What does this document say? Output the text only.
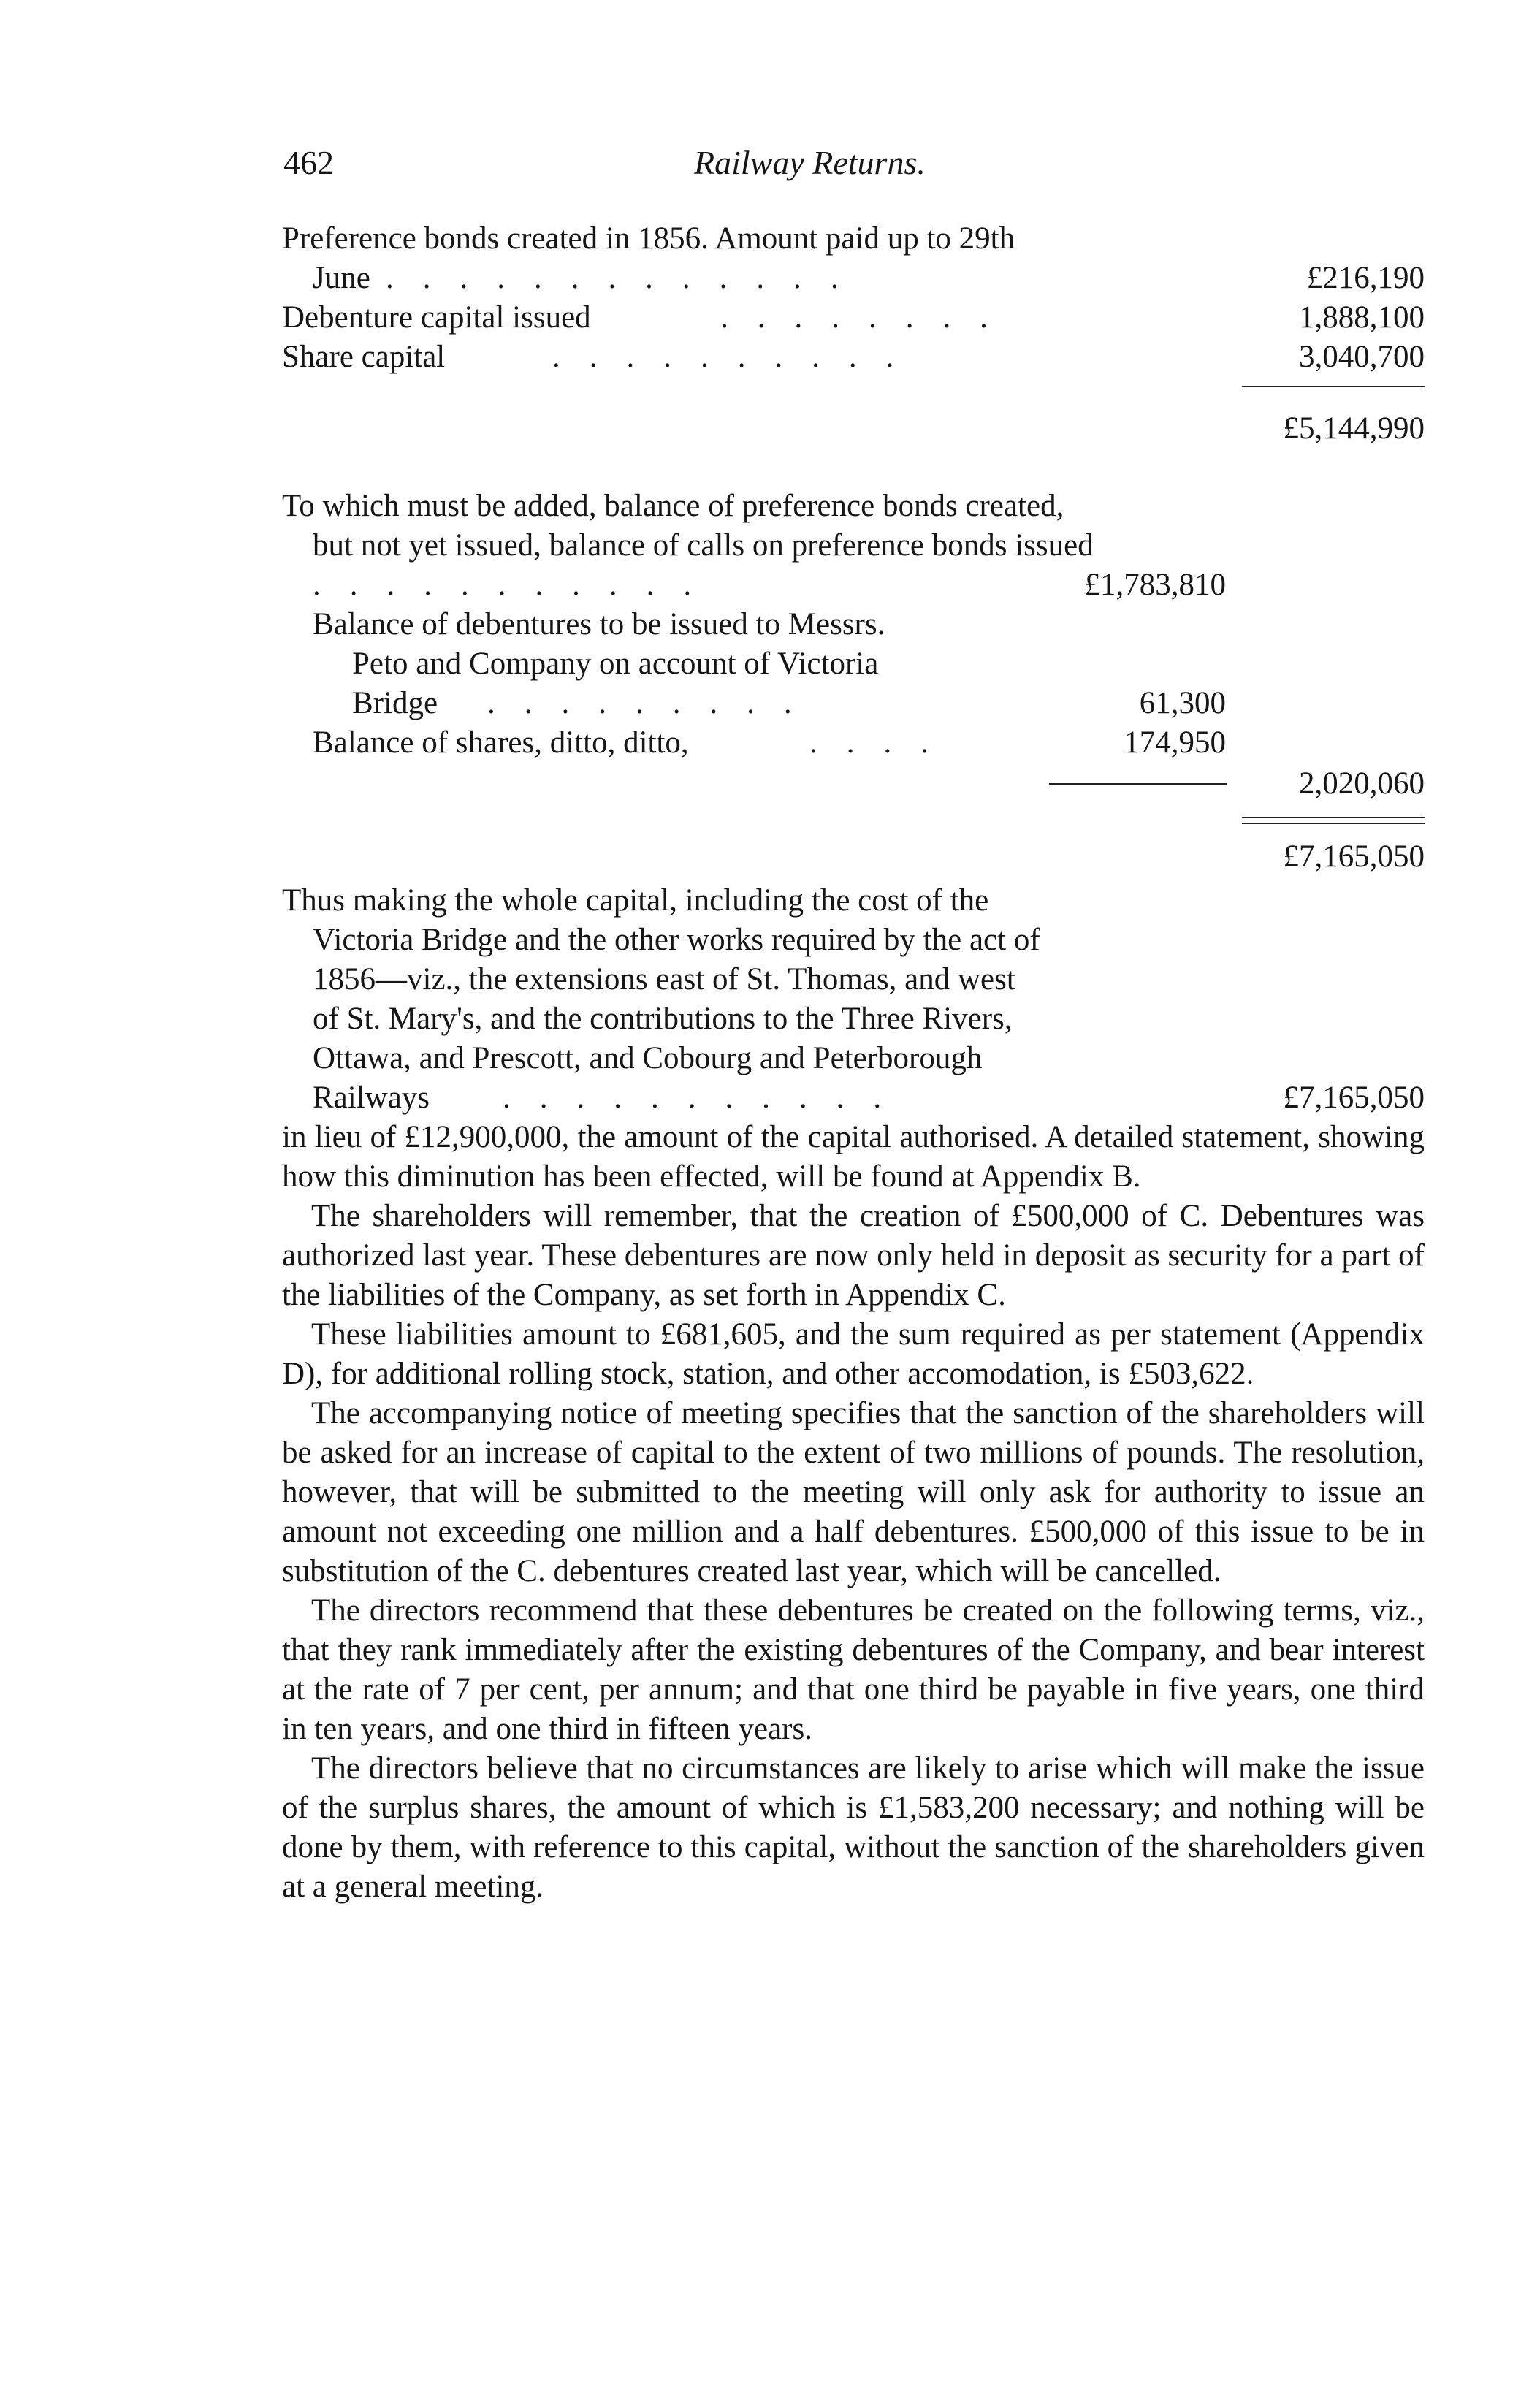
462	Railway Returns.
Preference bonds created in 1856. Amount paid up to 29th
June . . . . . . . . . . . . .	£216,190
Debenture capital issued	. . . . . . . .	1,888,100
Share capital	. . . . . . . . . .	3,040,700
£5,144,990
To which must be added, balance of preference bonds created,
but not yet issued, balance of calls on preference bonds issued
. . . . . . . . . . .	£1,783,810
Balance of debentures to be issued to Messrs.
Peto and Company on account of Victoria
Bridge . . . . . . . . .	61,300
Balance of shares, ditto, ditto,	. . . .	174,950
2,020,060
£7,165,050
Thus making the whole capital, including the cost of the
Victoria Bridge and the other works required by the act of
1856—viz., the extensions east of St. Thomas, and west
of St. Mary's, and the contributions to the Three Rivers,
Ottawa, and Prescott, and Cobourg and Peterborough
Railways . . . . . . . . . . .	£7,165,050

in lieu of £12,900,000, the amount of the capital authorised. A detailed statement, showing how this diminution has been effected, will be found at Appendix B.

The shareholders will remember, that the creation of £500,000 of C. Debentures was authorized last year. These debentures are now only held in deposit as security for a part of the liabilities of the Company, as set forth in Appendix C.

These liabilities amount to £681,605, and the sum required as per statement (Appendix D), for additional rolling stock, station, and other accomodation, is £503,622.

The accompanying notice of meeting specifies that the sanction of the shareholders will be asked for an increase of capital to the extent of two millions of pounds. The resolution, however, that will be submitted to the meeting will only ask for authority to issue an amount not exceeding one million and a half debentures. £500,000 of this issue to be in substitution of the C. debentures created last year, which will be cancelled.

The directors recommend that these debentures be created on the following terms, viz., that they rank immediately after the existing debentures of the Company, and bear interest at the rate of 7 per cent, per annum; and that one third be payable in five years, one third in ten years, and one third in fifteen years.

The directors believe that no circumstances are likely to arise which will make the issue of the surplus shares, the amount of which is £1,583,200 necessary; and nothing will be done by them, with reference to this capital, without the sanction of the shareholders given at a general meeting.
